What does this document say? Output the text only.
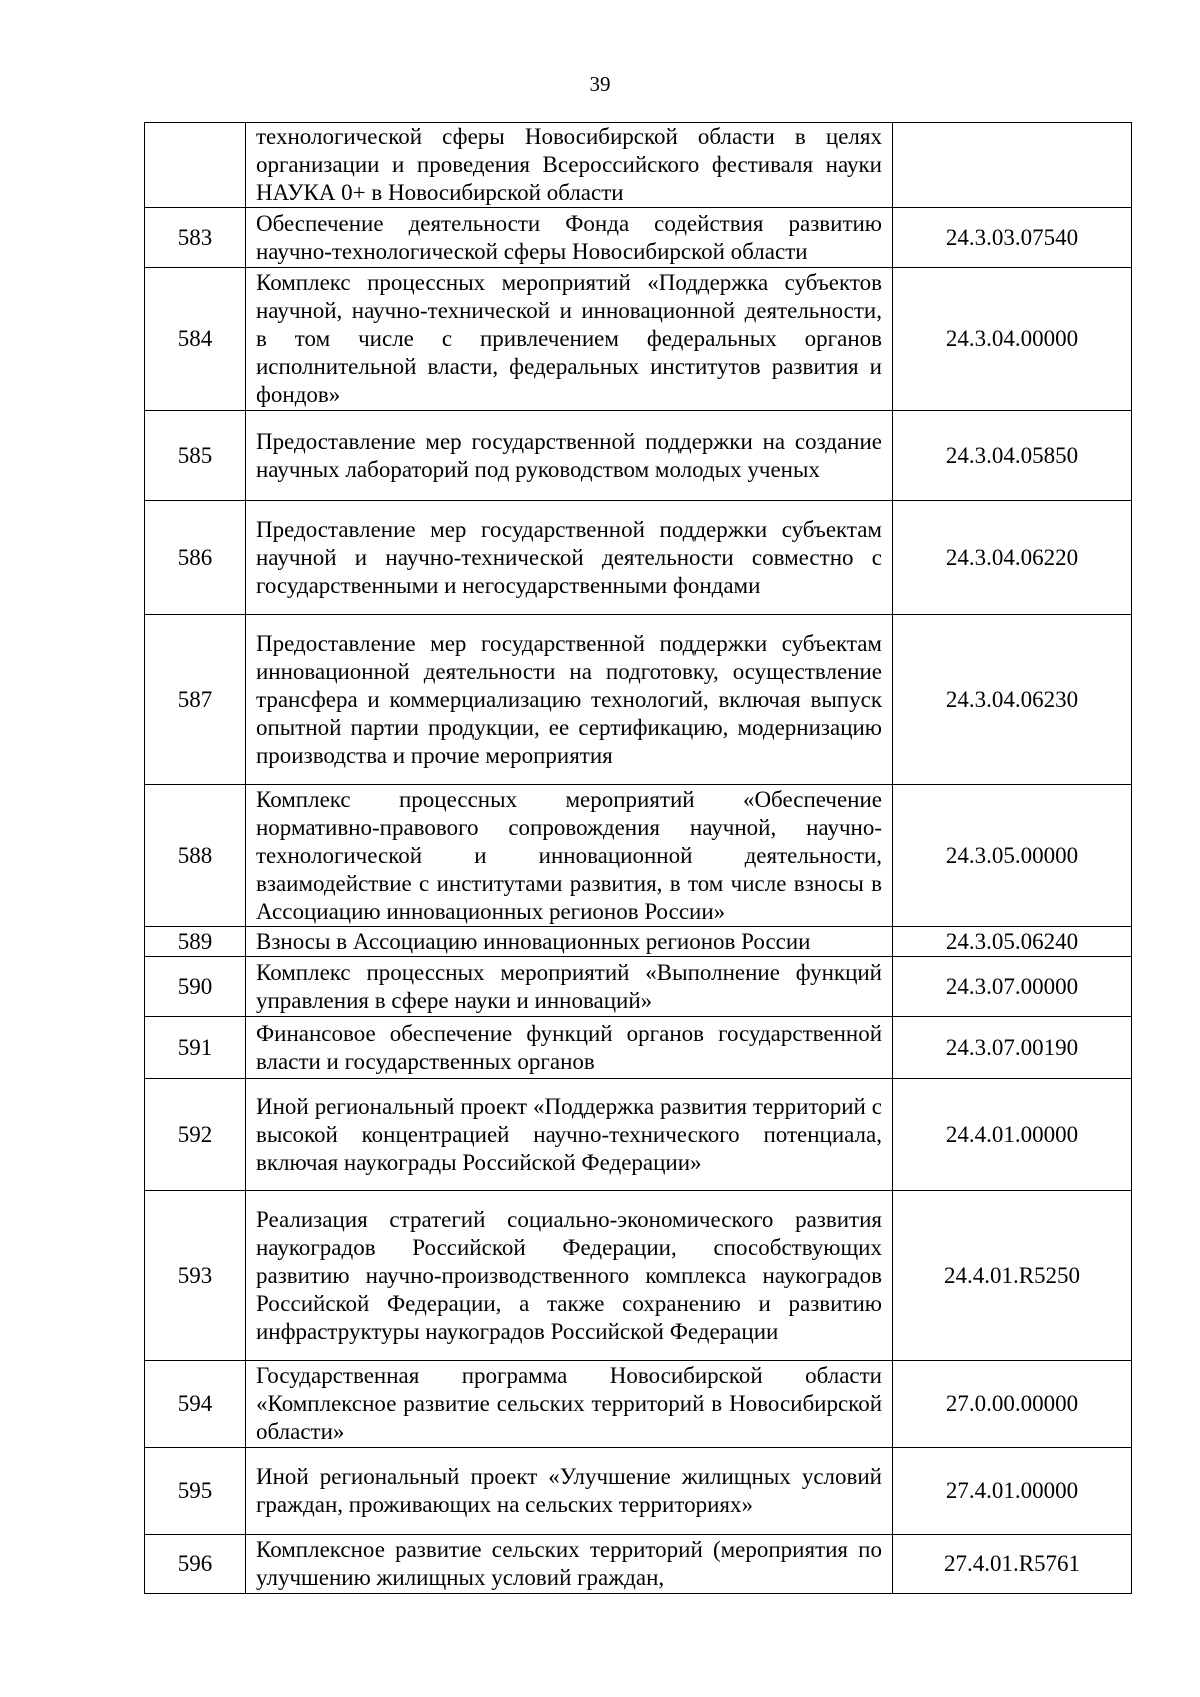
39
	технологической сферы Новосибирской области в целях организации и проведения Всероссийского фестиваля науки НАУКА 0+ в Новосибирской области	
583	Обеспечение деятельности Фонда содействия развитию научно-технологической сферы Новосибирской области	24.3.03.07540
584	Комплекс процессных мероприятий «Поддержка субъектов научной, научно-технической и инновационной деятельности, в том числе с привлечением федеральных органов исполнительной власти, федеральных институтов развития и фондов»	24.3.04.00000
585	Предоставление мер государственной поддержки на создание научных лабораторий под руководством молодых ученых	24.3.04.05850
586	Предоставление мер государственной поддержки субъектам научной и научно-технической деятельности совместно с государственными и негосударственными фондами	24.3.04.06220
587	Предоставление мер государственной поддержки субъектам инновационной деятельности на подготовку, осуществление трансфера и коммерциализацию технологий, включая выпуск опытной партии продукции, ее сертификацию, модернизацию производства и прочие мероприятия	24.3.04.06230
588	Комплекс процессных мероприятий «Обеспечение нормативно-правового сопровождения научной, научно-технологической и инновационной деятельности, взаимодействие с институтами развития, в том числе взносы в Ассоциацию инновационных регионов России»	24.3.05.00000
589	Взносы в Ассоциацию инновационных регионов России	24.3.05.06240
590	Комплекс процессных мероприятий «Выполнение функций управления в сфере науки и инноваций»	24.3.07.00000
591	Финансовое обеспечение функций органов государственной власти и государственных органов	24.3.07.00190
592	Иной региональный проект «Поддержка развития территорий с высокой концентрацией научно-технического потенциала, включая наукограды Российской Федерации»	24.4.01.00000
593	Реализация стратегий социально-экономического развития наукоградов Российской Федерации, способствующих развитию научно-производственного комплекса наукоградов Российской Федерации, а также сохранению и развитию инфраструктуры наукоградов Российской Федерации	24.4.01.R5250
594	Государственная программа Новосибирской области «Комплексное развитие сельских территорий в Новосибирской области»	27.0.00.00000
595	Иной региональный проект «Улучшение жилищных условий граждан, проживающих на сельских территориях»	27.4.01.00000
596	Комплексное развитие сельских территорий (мероприятия по улучшению жилищных условий граждан,	27.4.01.R5761
